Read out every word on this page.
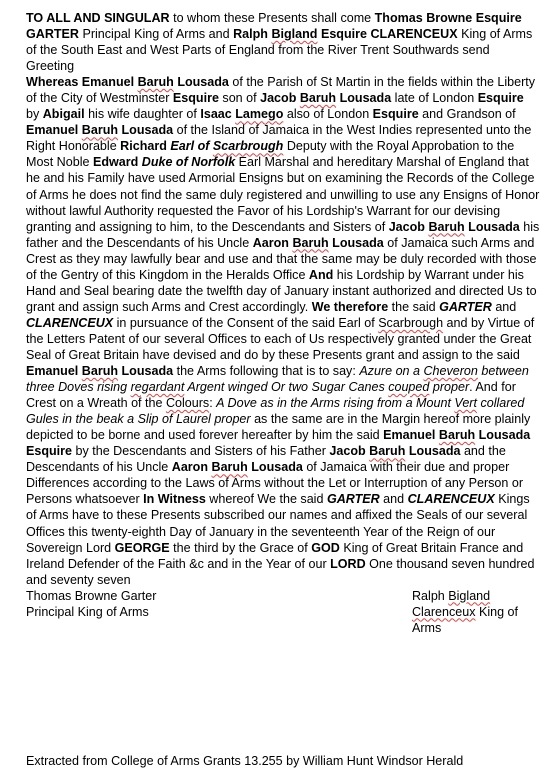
TO ALL AND SINGULAR to whom these Presents shall come Thomas Browne Esquire GARTER Principal King of Arms and Ralph Bigland Esquire CLARENCEUX King of Arms of the South East and West Parts of England from the River Trent Southwards send Greeting

Whereas Emanuel Baruh Lousada of the Parish of St Martin in the fields within the Liberty of the City of Westminster Esquire son of Jacob Baruh Lousada late of London Esquire by Abigail his wife daughter of Isaac Lamego also of London Esquire and Grandson of Emanuel Baruh Lousada of the Island of Jamaica in the West Indies represented unto the Right Honorable Richard Earl of Scarbrough Deputy with the Royal Approbation to the Most Noble Edward Duke of Norfolk Earl Marshal and hereditary Marshal of England that he and his Family have used Armorial Ensigns but on examining the Records of the College of Arms he does not find the same duly registered and unwilling to use any Ensigns of Honor without lawful Authority requested the Favor of his Lordship's Warrant for our devising granting and assigning to him, to the Descendants and Sisters of Jacob Baruh Lousada his father and the Descendants of his Uncle Aaron Baruh Lousada of Jamaica such Arms and Crest as they may lawfully bear and use and that the same may be duly recorded with those of the Gentry of this Kingdom in the Heralds Office And his Lordship by Warrant under his Hand and Seal bearing date the twelfth day of January instant authorized and directed Us to grant and assign such Arms and Crest accordingly. We therefore the said GARTER and CLARENCEUX in pursuance of the Consent of the said Earl of Scarbrough and by Virtue of the Letters Patent of our several Offices to each of Us respectively granted under the Great Seal of Great Britain have devised and do by these Presents grant and assign to the said Emanuel Baruh Lousada the Arms following that is to say: Azure on a Cheveron between three Doves rising regardant Argent winged Or two Sugar Canes couped proper. And for Crest on a Wreath of the Colours: A Dove as in the Arms rising from a Mount Vert collared Gules in the beak a Slip of Laurel proper as the same are in the Margin hereof more plainly depicted to be borne and used forever hereafter by him the said Emanuel Baruh Lousada Esquire by the Descendants and Sisters of his Father Jacob Baruh Lousada and the Descendants of his Uncle Aaron Baruh Lousada of Jamaica with their due and proper Differences according to the Laws of Arms without the Let or Interruption of any Person or Persons whatsoever In Witness whereof We the said GARTER and CLARENCEUX Kings of Arms have to these Presents subscribed our names and affixed the Seals of our several Offices this twenty-eighth Day of January in the seventeenth Year of the Reign of our Sovereign Lord GEORGE the third by the Grace of GOD King of Great Britain France and Ireland Defender of the Faith &c and in the Year of our LORD One thousand seven hundred and seventy seven

Thomas Browne Garter
Principal King of Arms
Ralph Bigland Clarenceux King of Arms
Extracted from College of Arms Grants 13.255 by William Hunt Windsor Herald
